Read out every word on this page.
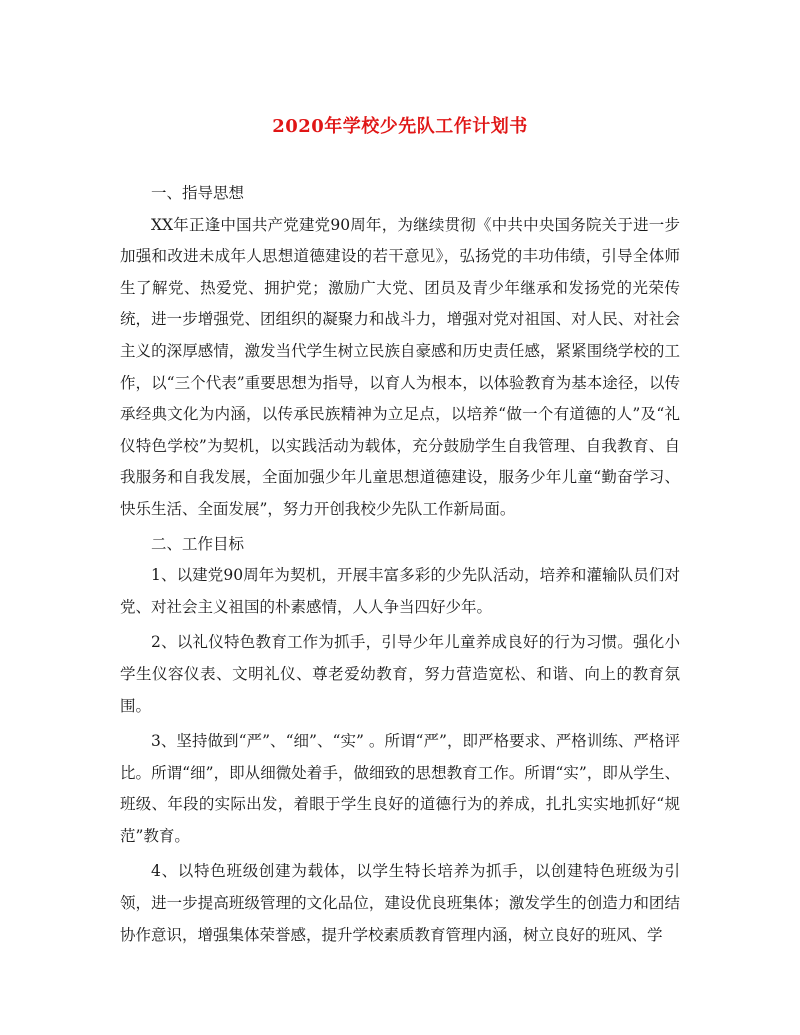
2020年学校少先队工作计划书

一、指导思想

XX年正逢中国共产党建党90周年，为继续贯彻《中共中央国务院关于进一步加强和改进未成年人思想道德建设的若干意见》，弘扬党的丰功伟绩，引导全体师生了解党、热爱党、拥护党；激励广大党、团员及青少年继承和发扬党的光荣传统，进一步增强党、团组织的凝聚力和战斗力，增强对党对祖国、对人民、对社会主义的深厚感情，激发当代学生树立民族自豪感和历史责任感，紧紧围绕学校的工作，以“三个代表”重要思想为指导，以育人为根本，以体验教育为基本途径，以传承经典文化为内涵，以传承民族精神为立足点，以培养“做一个有道德的人”及“礼仪特色学校”为契机，以实践活动为载体，充分鼓励学生自我管理、自我教育、自我服务和自我发展，全面加强少年儿童思想道德建设，服务少年儿童“勤奋学习、快乐生活、全面发展”，努力开创我校少先队工作新局面。

二、工作目标

1、以建党90周年为契机，开展丰富多彩的少先队活动，培养和灌输队员们对党、对社会主义祖国的朴素感情，人人争当四好少年。

2、以礼仪特色教育工作为抓手，引导少年儿童养成良好的行为习惯。强化小学生仪容仪表、文明礼仪、尊老爱幼教育，努力营造宽松、和谐、向上的教育氛围。

3、坚持做到“严”、“细”、“实” 。所谓“严”，即严格要求、严格训练、严格评比。所谓“细”，即从细微处着手，做细致的思想教育工作。所谓“实”，即从学生、班级、年段的实际出发，着眼于学生良好的道德行为的养成，扎扎实实地抓好“规范”教育。

4、以特色班级创建为载体，以学生特长培养为抓手，以创建特色班级为引领，进一步提高班级管理的文化品位，建设优良班集体；激发学生的创造力和团结协作意识，增强集体荣誉感，提升学校素质教育管理内涵，树立良好的班风、学
